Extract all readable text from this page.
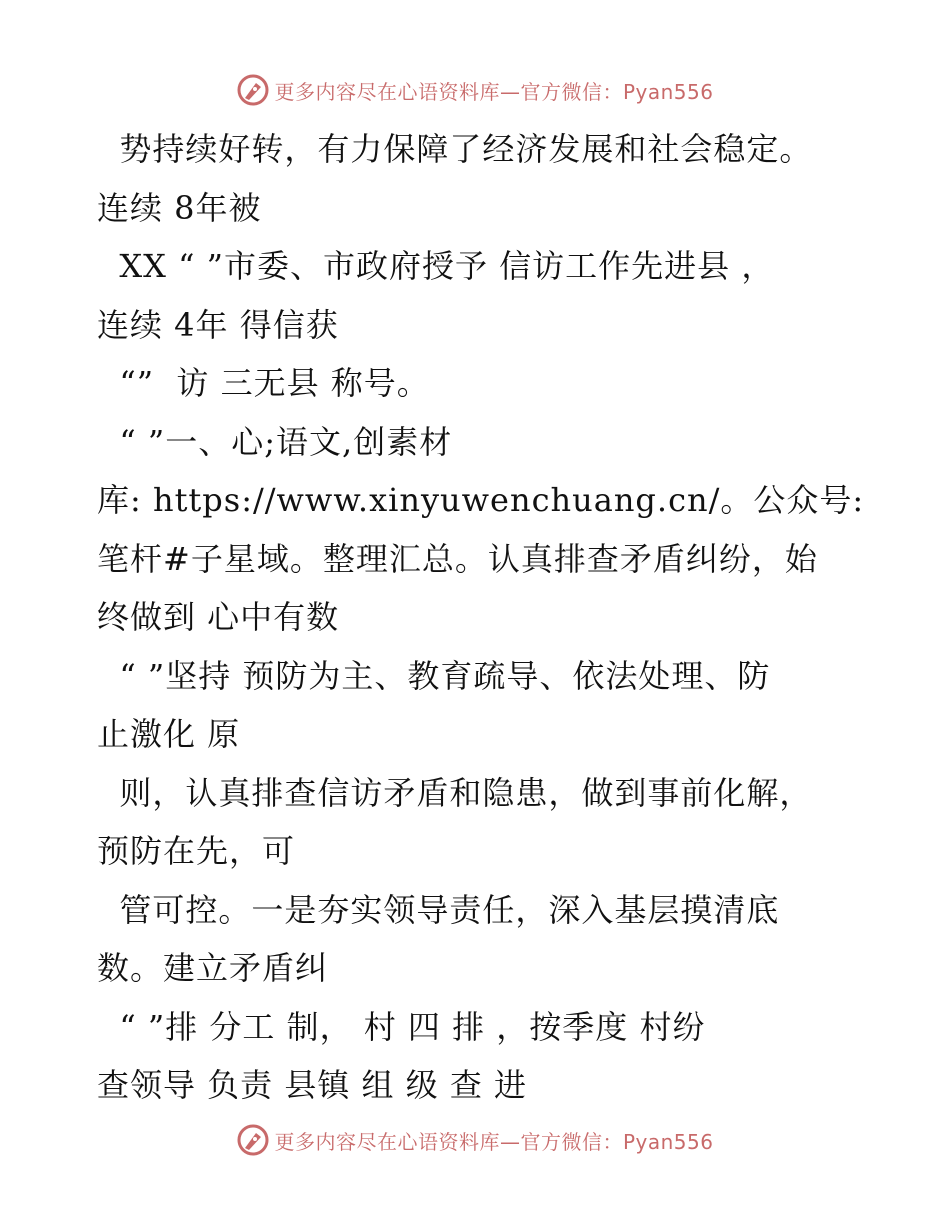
更多内容尽在心语资料库—官方微信：Pyan556
势持续好转，有力保障了经济发展和社会稳定。
连续 8年被
XX “ ”市委、市政府授予 信访工作先进县 ，
连续 4年 得信获
“”  访 三无县 称号。
“ ”一、心;语文,创素材
库: https://www.xinyuwenchuang.cn/。公众号:
笔杆#子星域。整理汇总。认真排查矛盾纠纷，始
终做到 心中有数
“ ”坚持 预防为主、教育疏导、依法处理、防
止激化 原
则，认真排查信访矛盾和隐患，做到事前化解，
预防在先，可
管可控。一是夯实领导责任，深入基层摸清底
数。建立矛盾纠
“ ”排 分工 制， 村 四 排 ，按季度 村纷
查领导 负责 县镇 组 级 查 进
更多内容尽在心语资料库—官方微信：Pyan556
